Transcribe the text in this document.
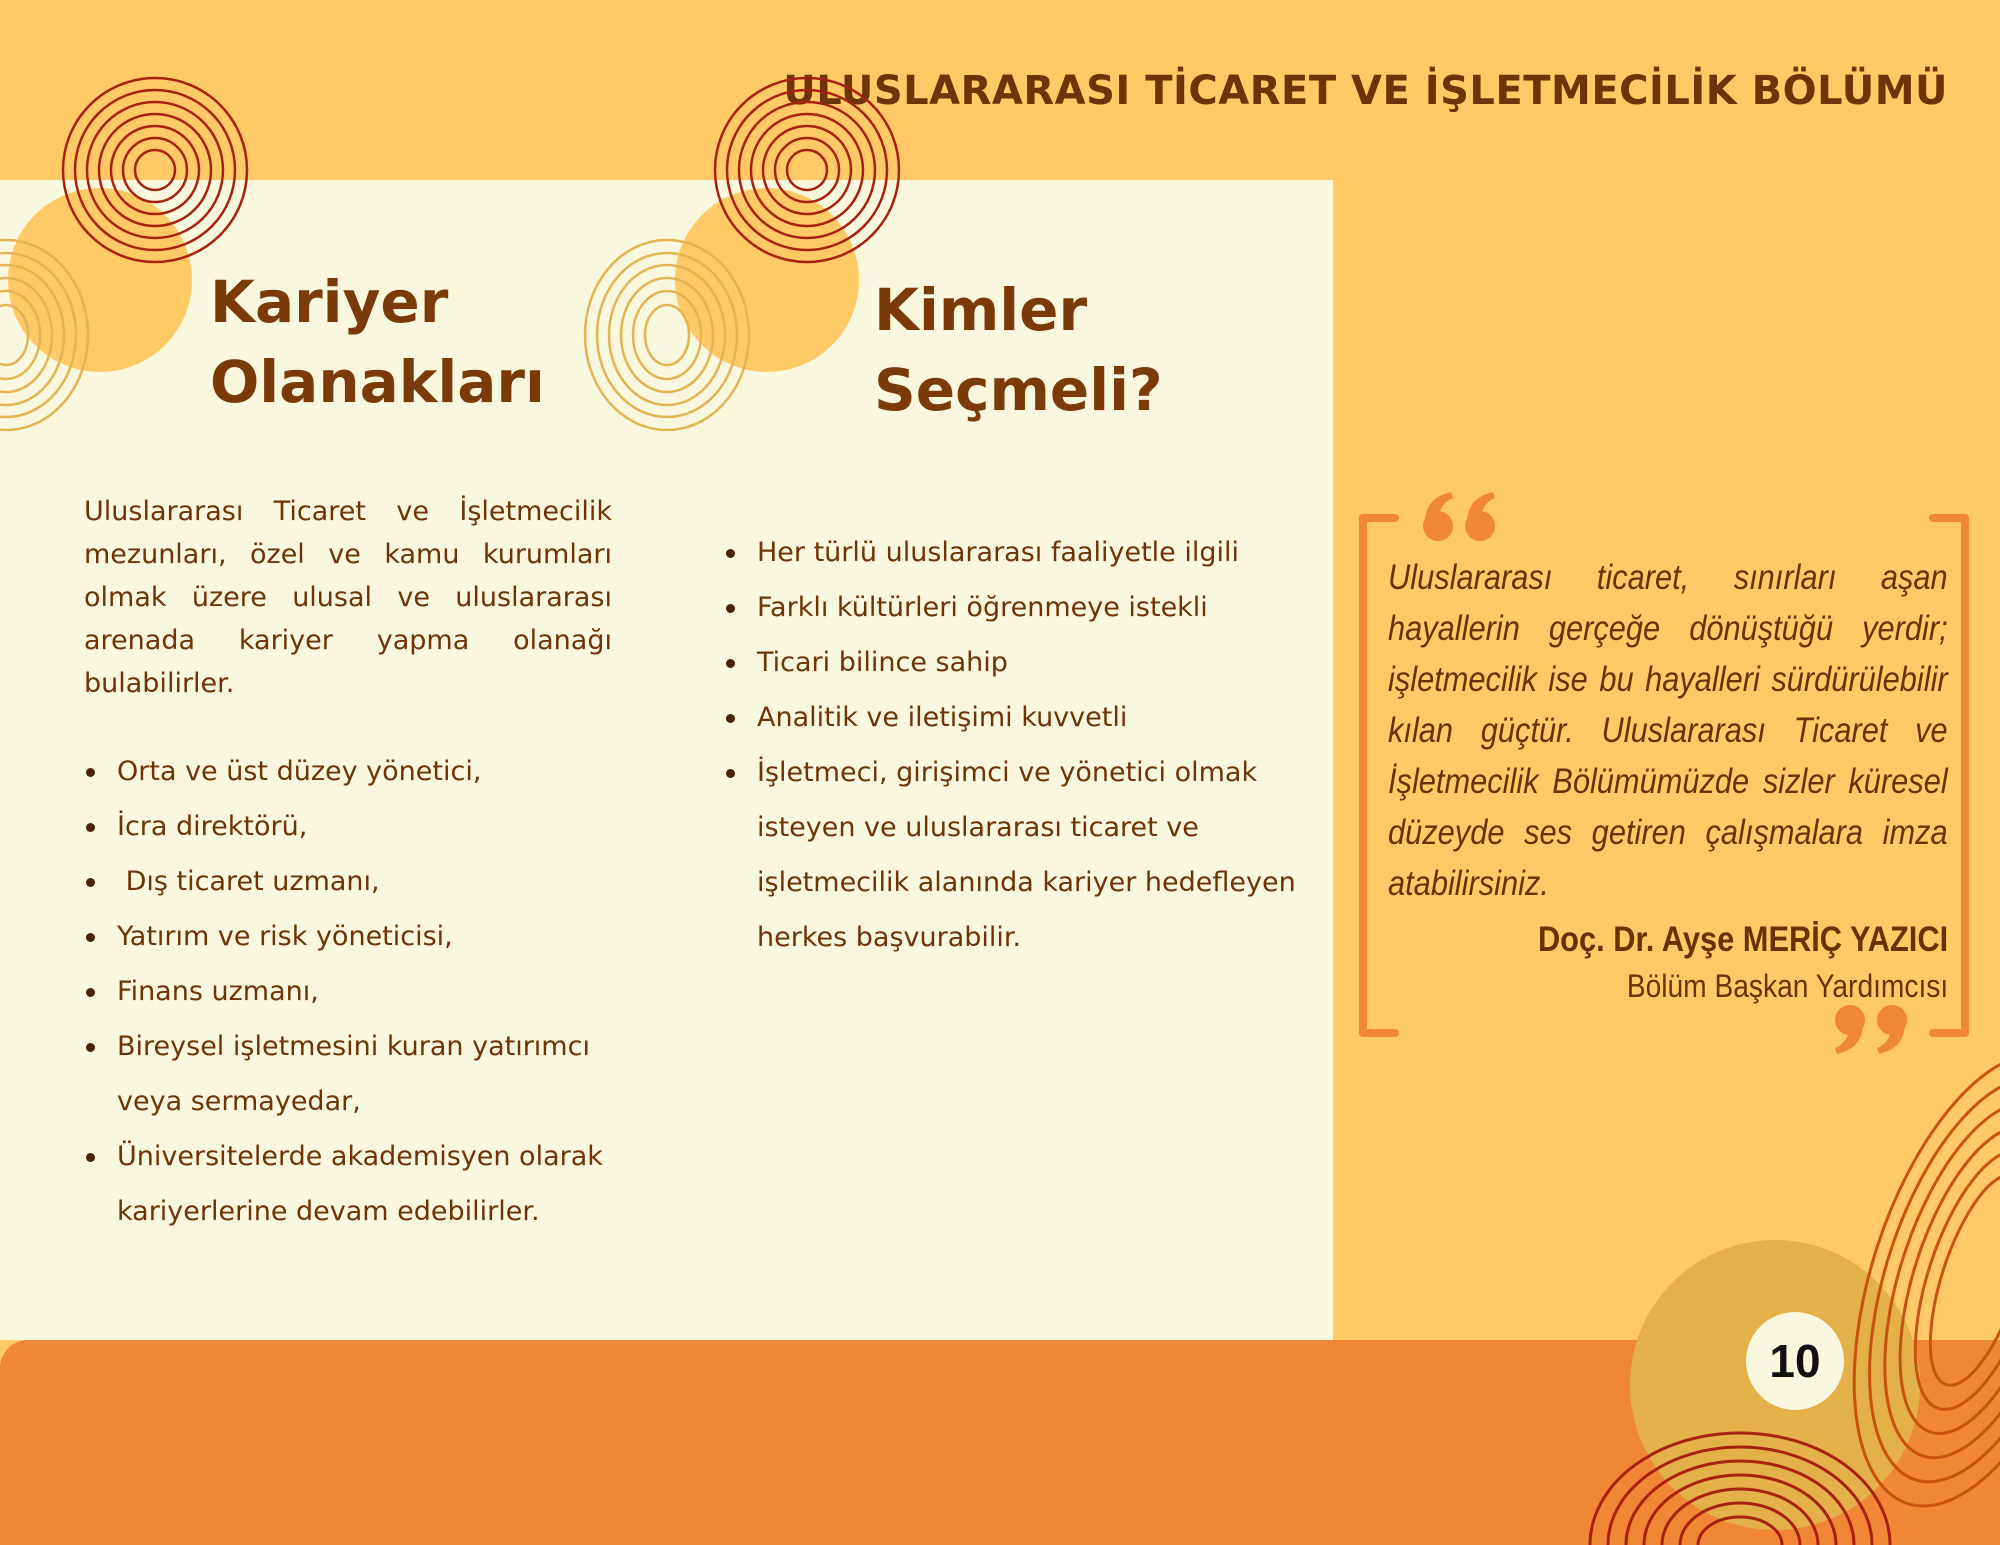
ULUSLARARASI TİCARET VE İŞLETMECİLİK BÖLÜMÜ
Kariyer
Olanakları
Kimler
Seçmeli?

Uluslararası Ticaret ve İşletmecilik mezunları, özel ve kamu kurumları olmak üzere ulusal ve uluslararası arenada kariyer yapma olanağı bulabilirler.

Orta ve üst düzey yönetici,
İcra direktörü,
Dış ticaret uzmanı,
Yatırım ve risk yöneticisi,
Finans uzmanı,
Bireysel işletmesini kuran yatırımcı veya sermayedar,
Üniversitelerde akademisyen olarak kariyerlerine devam edebilirler.
Her türlü uluslararası faaliyetle ilgili
Farklı kültürleri öğrenmeye istekli
Ticari bilince sahip
Analitik ve iletişimi kuvvetli
İşletmeci, girişimci ve yönetici olmak isteyen ve uluslararası ticaret ve işletmecilik alanında kariyer hedefleyen herkes başvurabilir.

Uluslararası ticaret, sınırları aşan hayallerin gerçeğe dönüştüğü yerdir; işletmecilik ise bu hayalleri sürdürülebilir kılan güçtür. Uluslararası Ticaret ve İşletmecilik Bölümümüzde sizler küresel düzeyde ses getiren çalışmalara imza atabilirsiniz.

Doç. Dr. Ayşe MERİÇ YAZICI
Bölüm Başkan Yardımcısı
10
